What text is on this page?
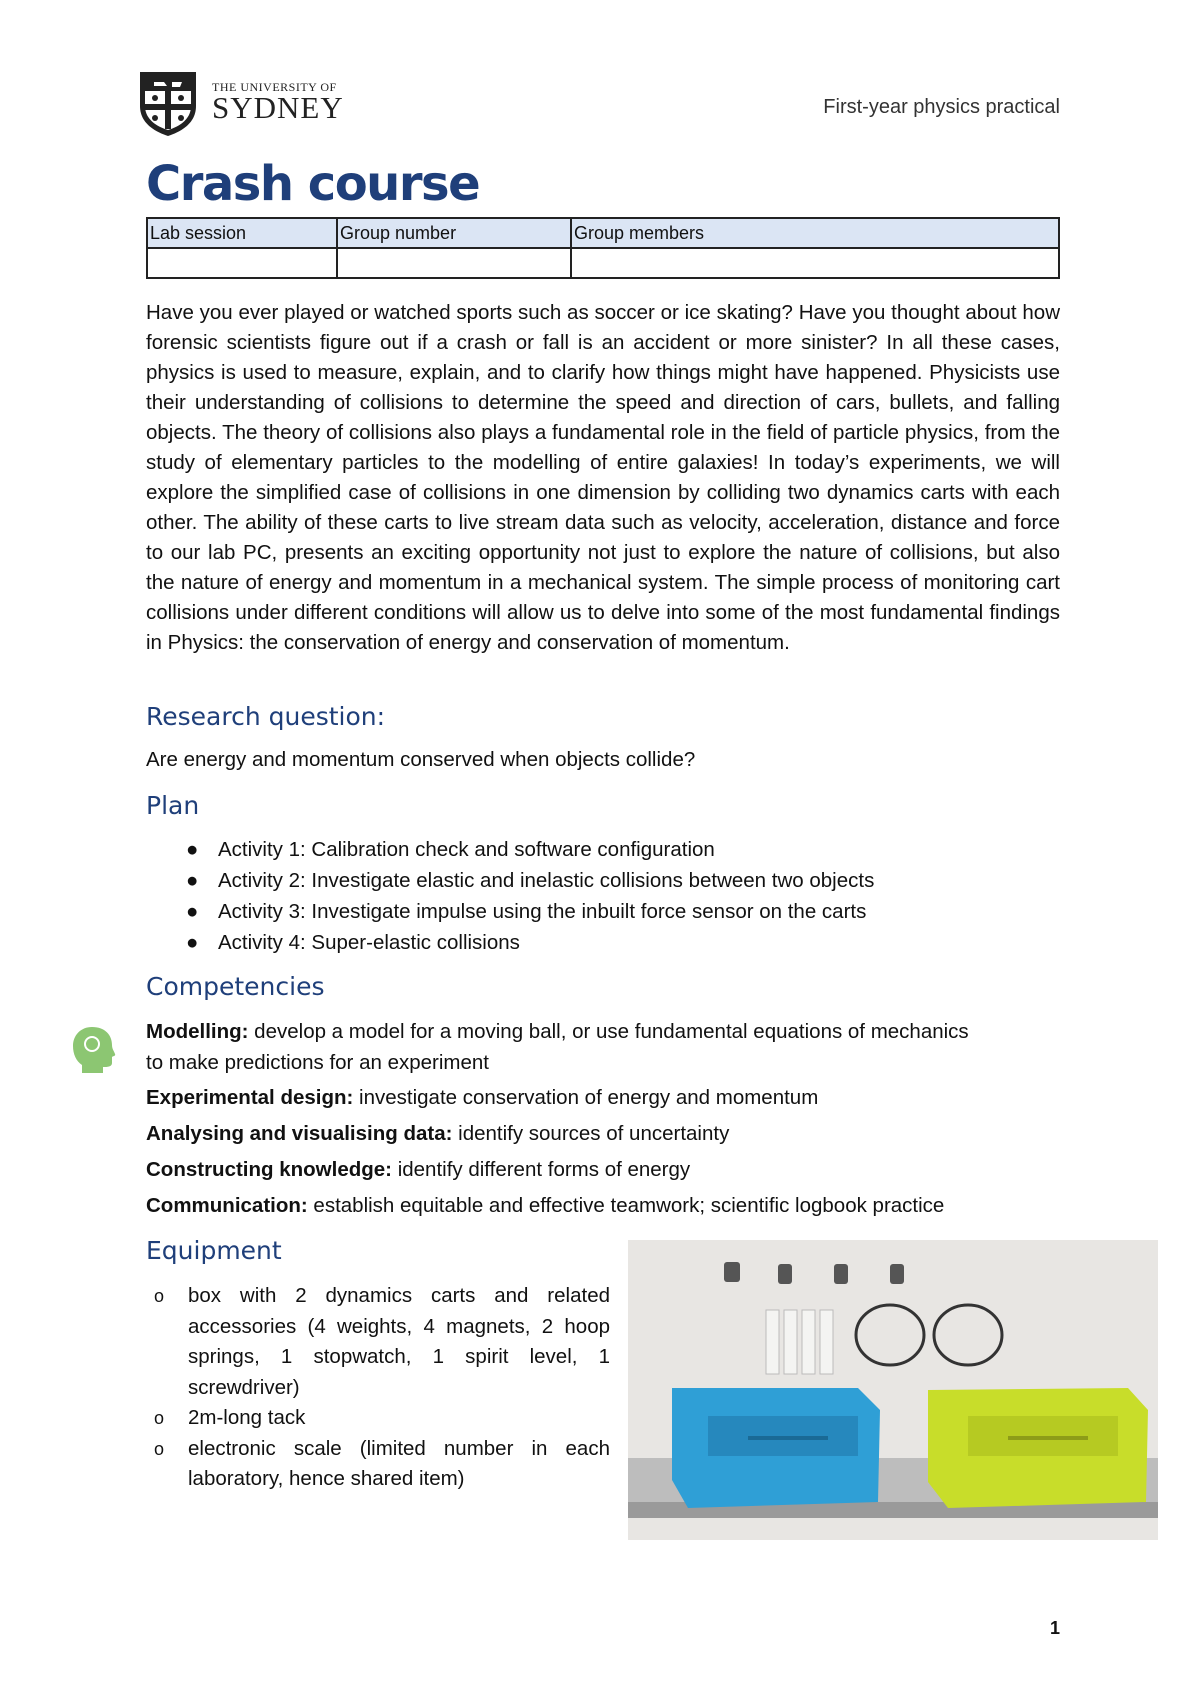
THE UNIVERSITY OF
SYDNEY	First-year physics practical
Crash course
Lab session	Group number	Group members

Have you ever played or watched sports such as soccer or ice skating? Have you thought about how forensic scientists figure out if a crash or fall is an accident or more sinister? In all these cases, physics is used to measure, explain, and to clarify how things might have happened. Physicists use their understanding of collisions to determine the speed and direction of cars, bullets, and falling objects. The theory of collisions also plays a fundamental role in the field of particle physics, from the study of elementary particles to the modelling of entire galaxies! In today’s experiments, we will explore the simplified case of collisions in one dimension by colliding two dynamics carts with each other. The ability of these carts to live stream data such as velocity, acceleration, distance and force to our lab PC, presents an exciting opportunity not just to explore the nature of collisions, but also the nature of energy and momentum in a mechanical system. The simple process of monitoring cart collisions under different conditions will allow us to delve into some of the most fundamental findings in Physics: the conservation of energy and conservation of momentum.

Research question:

Are energy and momentum conserved when objects collide?

Plan
● Activity 1: Calibration check and software configuration
● Activity 2: Investigate elastic and inelastic collisions between two objects
● Activity 3: Investigate impulse using the inbuilt force sensor on the carts
● Activity 4: Super-elastic collisions
Competencies

Modelling: develop a model for a moving ball, or use fundamental equations of mechanics

to make predictions for an experiment

Experimental design: investigate conservation of energy and momentum

Analysing and visualising data: identify sources of uncertainty

Constructing knowledge: identify different forms of energy

Communication: establish equitable and effective teamwork; scientific logbook practice

Equipment
o box with 2 dynamics carts and related accessories (4 weights, 4 magnets, 2 hoop springs, 1 stopwatch, 1 spirit level, 1 screwdriver)
o 2m-long tack
o electronic scale (limited number in each laboratory, hence shared item)
1
